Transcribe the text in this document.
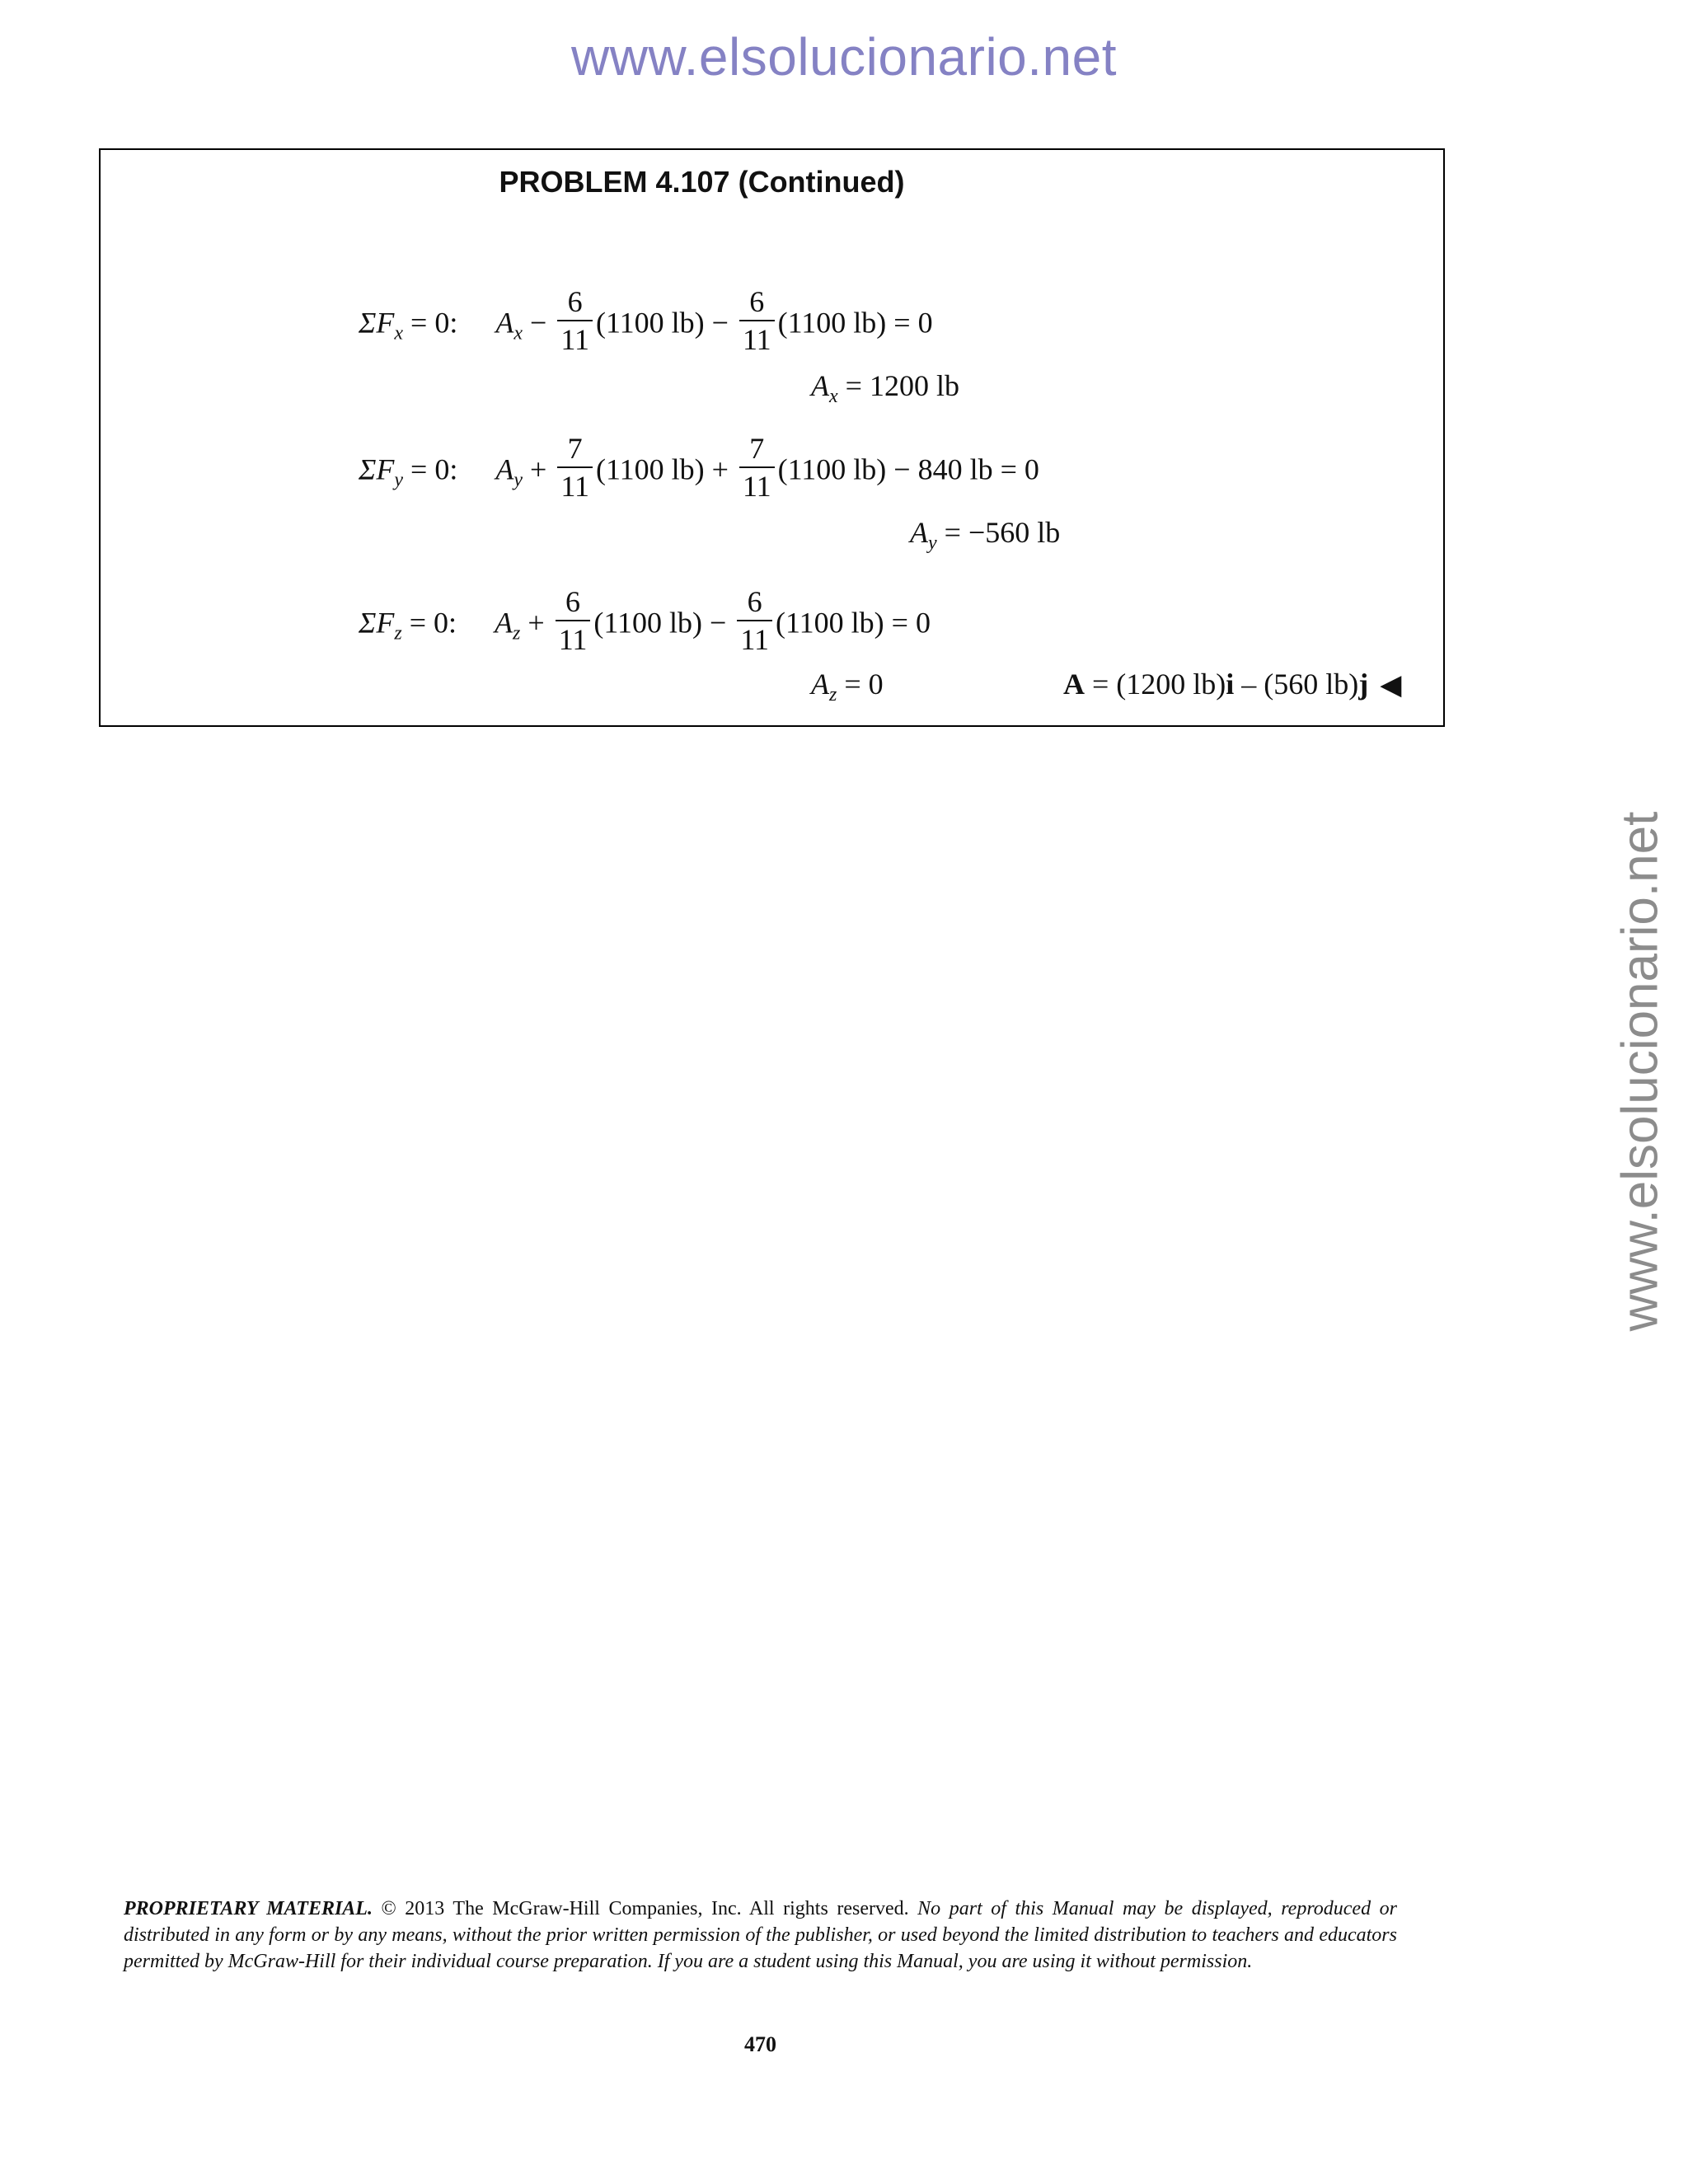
www.elsolucionario.net
www.elsolucionario.net
PROBLEM 4.107 (Continued)
$\Sigma F_x = 0$: $A_x - \frac{6}{11} (1100$ $lb) - \frac{6}{11} (1100$ lb) = 0
$A_x = 1200$ lb
$\Sigma F_y = 0$: $A_y + \frac{7}{11} (1100$ $lb) + \frac{7}{11} (1100$ lb) − 840 lb = 0
$A_y = -560$ lb
$\Sigma F_z = 0$: $A_z + \frac{6}{11} (1100$ $lb) - \frac{6}{11} (1100$ lb) = 0
$A_z = 0$	A = (1200 lb)i – (560 lb)j ◀
PROPRIETARY MATERIAL. © 2013 The McGraw-Hill Companies, Inc. All rights reserved. No part of this Manual may be displayed, reproduced or distributed in any form or by any means, without the prior written permission of the publisher, or used beyond the limited distribution to teachers and educators permitted by McGraw-Hill for their individual course preparation. If you are a student using this Manual, you are using it without permission.
470
